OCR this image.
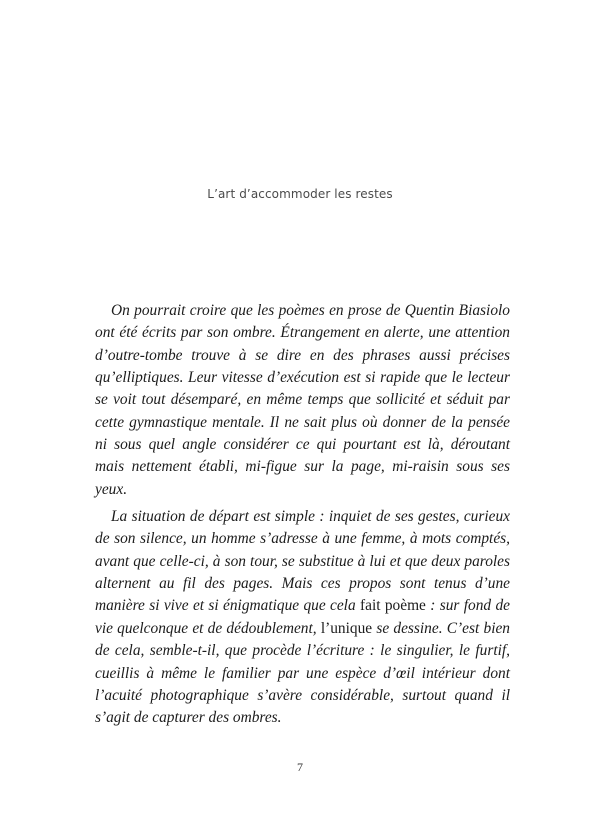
L’art d’accommoder les restes

On pourrait croire que les poèmes en prose de Quentin Biasiolo ont été écrits par son ombre. Étrangement en alerte, une attention d’outre-tombe trouve à se dire en des phrases aussi précises qu’elliptiques. Leur vitesse d’exécution est si rapide que le lecteur se voit tout désemparé, en même temps que sollicité et séduit par cette gymnastique mentale. Il ne sait plus où donner de la pensée ni sous quel angle considérer ce qui pourtant est là, déroutant mais nettement établi, mi-figue sur la page, mi-raisin sous ses yeux.

La situation de départ est simple : inquiet de ses gestes, curieux de son silence, un homme s’adresse à une femme, à mots comptés, avant que celle-ci, à son tour, se substitue à lui et que deux paroles alternent au fil des pages. Mais ces propos sont tenus d’une manière si vive et si énigmatique que cela fait poème : sur fond de vie quelconque et de dédoublement, l’unique se dessine. C’est bien de cela, semble-t-il, que procède l’écriture : le singulier, le furtif, cueillis à même le familier par une espèce d’œil intérieur dont l’acuité photographique s’avère considérable, surtout quand il s’agit de capturer des ombres.

7
